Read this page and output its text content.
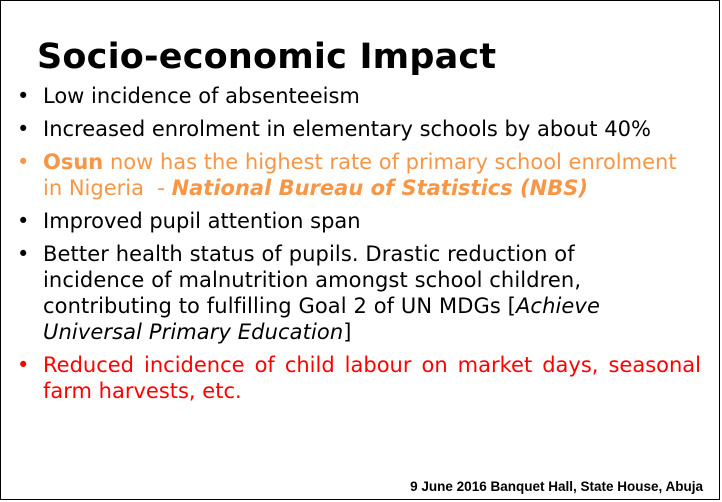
Socio-economic Impact
• Low incidence of absenteeism
• Increased enrolment in elementary schools by about 40%
• Osun now has the highest rate of primary school enrolment in Nigeria  - National Bureau of Statistics (NBS)
• Improved pupil attention span
• Better health status of pupils. Drastic reduction of
incidence of malnutrition amongst school children,
contributing to fulfilling Goal 2 of UN MDGs [Achieve
Universal Primary Education]
• Reduced incidence of child labour on market days, seasonal farm harvests, etc.
9 June 2016 Banquet Hall, State House, Abuja
